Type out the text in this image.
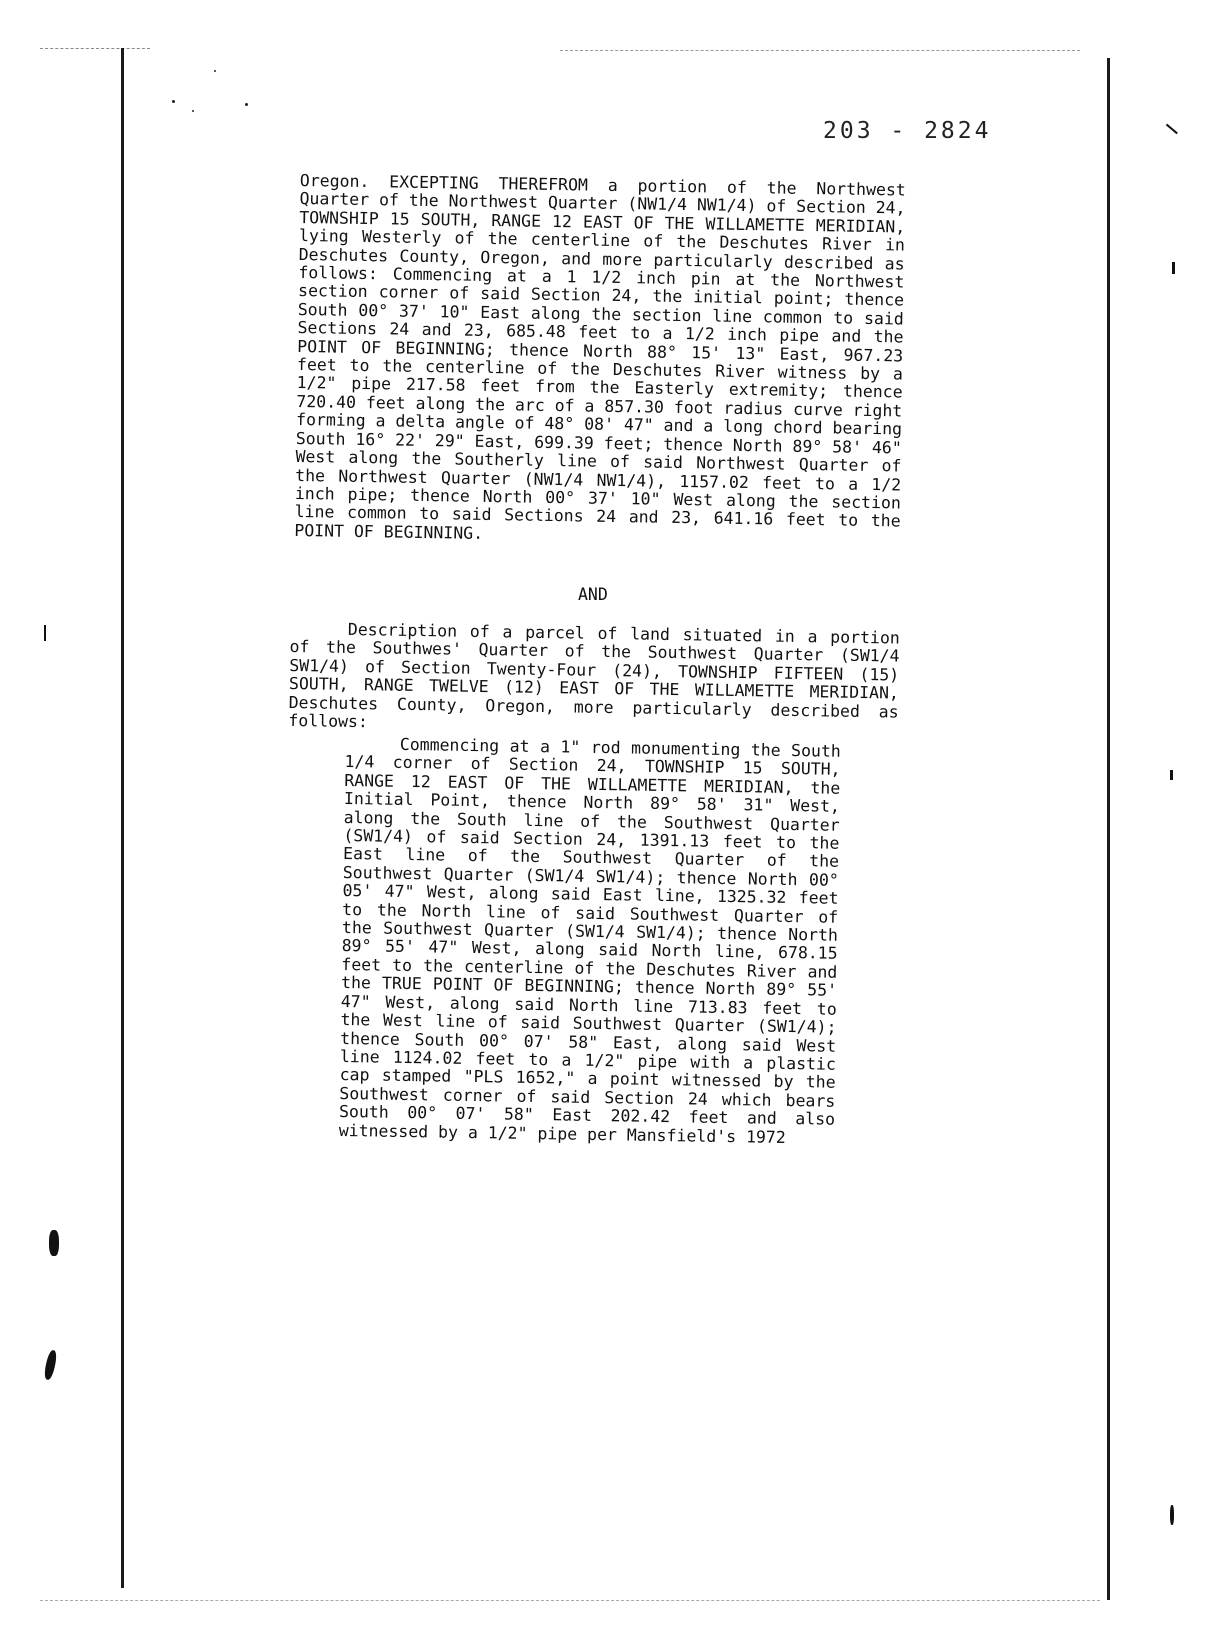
203 - 2824
Oregon. EXCEPTING THEREFROM a portion of the Northwest Quarter of the Northwest Quarter (NW1/4 NW1/4) of Section 24, TOWNSHIP 15 SOUTH, RANGE 12 EAST OF THE WILLAMETTE MERIDIAN, lying Westerly of the centerline of the Deschutes River in Deschutes County, Oregon, and more particularly described as follows: Commencing at a 1 1/2 inch pin at the Northwest section corner of said Section 24, the initial point; thence South 00° 37' 10" East along the section line common to said Sections 24 and 23, 685.48 feet to a 1/2 inch pipe and the POINT OF BEGINNING; thence North 88° 15' 13" East, 967.23 feet to the centerline of the Deschutes River witness by a 1/2" pipe 217.58 feet from the Easterly extremity; thence 720.40 feet along the arc of a 857.30 foot radius curve right forming a delta angle of 48° 08' 47" and a long chord bearing South 16° 22' 29" East, 699.39 feet; thence North 89° 58' 46" West along the Southerly line of said Northwest Quarter of the Northwest Quarter (NW1/4 NW1/4), 1157.02 feet to a 1/2 inch pipe; thence North 00° 37' 10" West along the section line common to said Sections 24 and 23, 641.16 feet to the POINT OF BEGINNING.
AND
Description of a parcel of land situated in a portion of the Southwes' Quarter of the Southwest Quarter (SW1/4 SW1/4) of Section Twenty-Four (24), TOWNSHIP FIFTEEN (15) SOUTH, RANGE TWELVE (12) EAST OF THE WILLAMETTE MERIDIAN, Deschutes County, Oregon, more particularly described as follows:
Commencing at a 1" rod monumenting the South 1/4 corner of Section 24, TOWNSHIP 15 SOUTH, RANGE 12 EAST OF THE WILLAMETTE MERIDIAN, the Initial Point, thence North 89° 58' 31" West, along the South line of the Southwest Quarter (SW1/4) of said Section 24, 1391.13 feet to the East line of the Southwest Quarter of the Southwest Quarter (SW1/4 SW1/4); thence North 00° 05' 47" West, along said East line, 1325.32 feet to the North line of said Southwest Quarter of the Southwest Quarter (SW1/4 SW1/4); thence North 89° 55' 47" West, along said North line, 678.15 feet to the centerline of the Deschutes River and the TRUE POINT OF BEGINNING; thence North 89° 55' 47" West, along said North line 713.83 feet to the West line of said Southwest Quarter (SW1/4); thence South 00° 07' 58" East, along said West line 1124.02 feet to a 1/2" pipe with a plastic cap stamped "PLS 1652," a point witnessed by the Southwest corner of said Section 24 which bears South 00° 07' 58" East 202.42 feet and also witnessed by a 1/2" pipe per Mansfield's 1972
